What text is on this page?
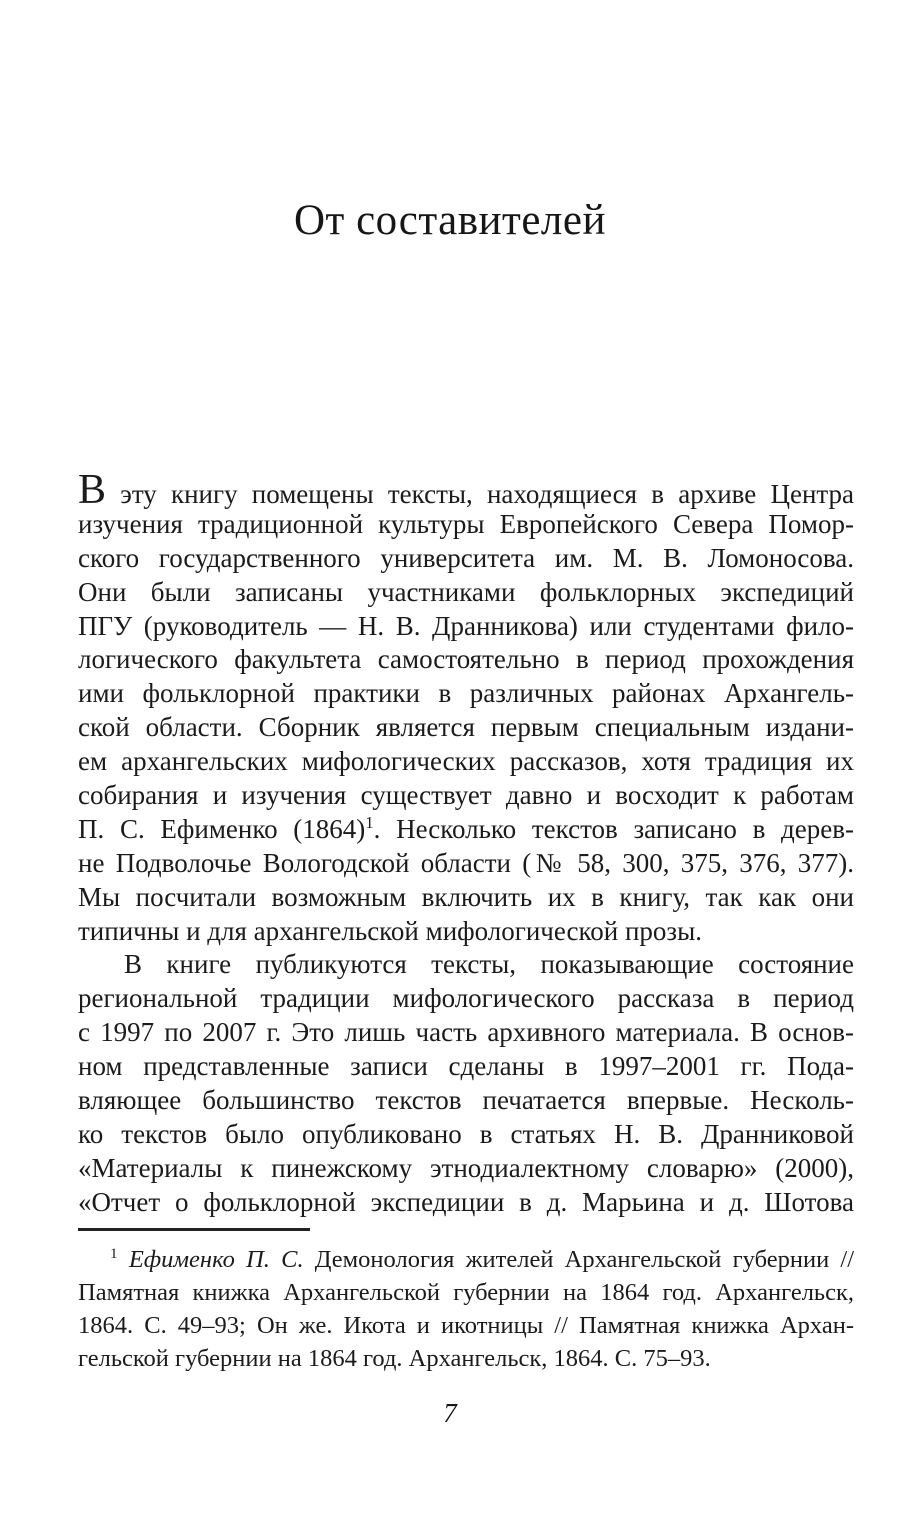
От составителей
В эту книгу помещены тексты, находящиеся в архиве Центра
изучения традиционной культуры Европейского Севера Помор-
ского государственного университета им. М. В. Ломоносова.
Они были записаны участниками фольклорных экспедиций
ПГУ (руководитель — Н. В. Дранникова) или студентами фило-
логического факультета самостоятельно в период прохождения
ими фольклорной практики в различных районах Архангель-
ской области. Сборник является первым специальным издани-
ем архангельских мифологических рассказов, хотя традиция их
собирания и изучения существует давно и восходит к работам
П. С. Ефименко $(1864)^1$. Несколько текстов записано в дерев-
не Подволочье Вологодской области (№ 58, 300, 375, 376, 377).
Мы посчитали возможным включить их в книгу, так как они
типичны и для архангельской мифологической прозы.
В книге публикуются тексты, показывающие состояние
региональной традиции мифологического рассказа в период
с 1997 по 2007 г. Это лишь часть архивного материала. В основ-
ном представленные записи сделаны в 1997–2001 гг. Пода-
вляющее большинство текстов печатается впервые. Несколь-
ко текстов было опубликовано в статьях Н. В. Дранниковой
«Материалы к пинежскому этнодиалектному словарю» (2000),
«Отчет о фольклорной экспедиции в д. Марьина и д. Шотова
$^1$ Ефименко П. С. Демонология жителей Архангельской губернии //
Памятная книжка Архангельской губернии на 1864 год. Архангельск,
1864. С. 49–93; Он же. Икота и икотницы // Памятная книжка Архан-
гельской губернии на 1864 год. Архангельск, 1864. С. 75–93.
7
